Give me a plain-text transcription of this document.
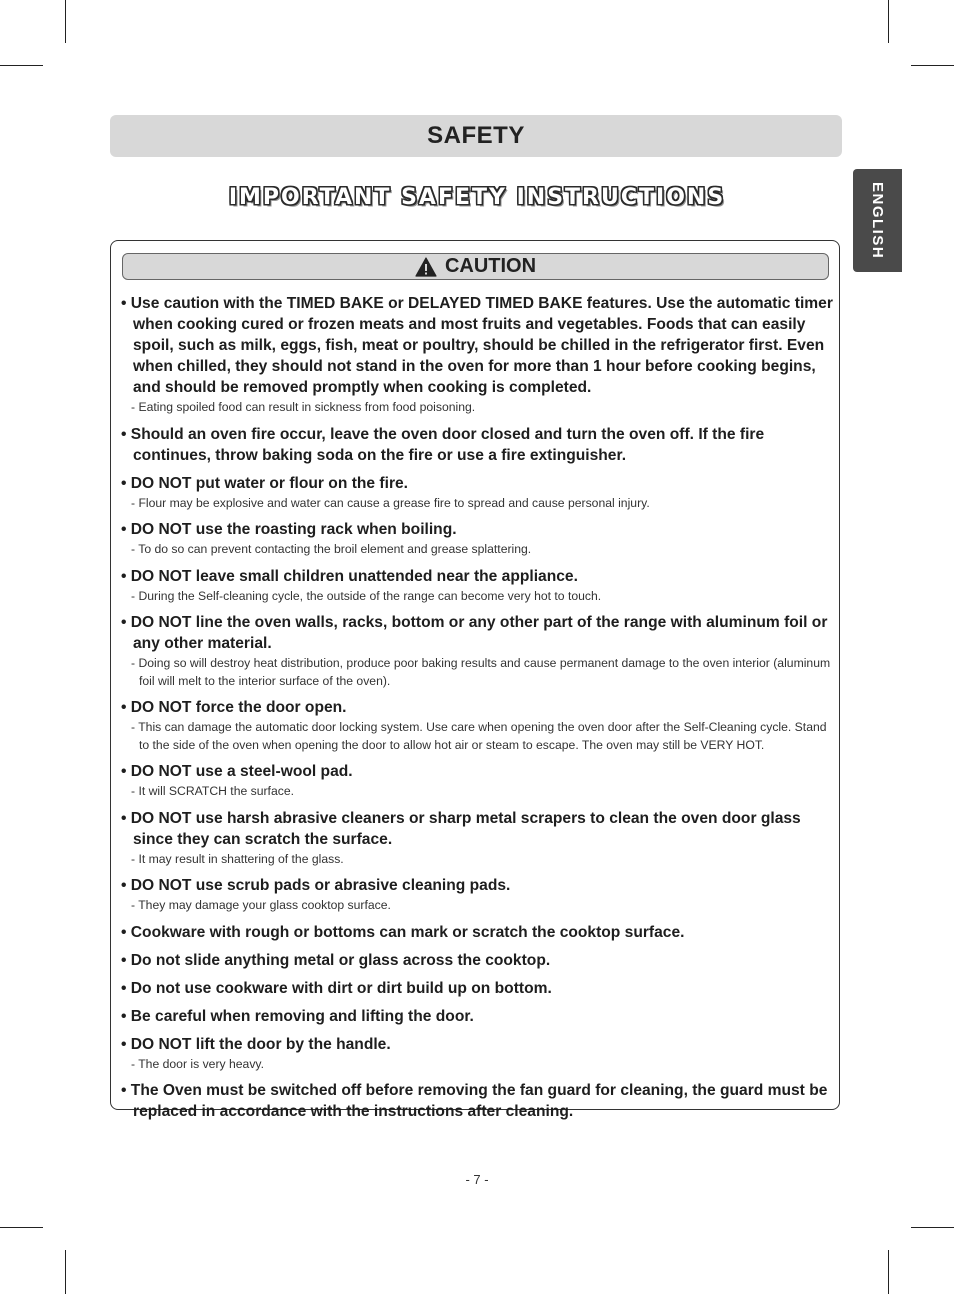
SAFETY
ENGLISH
IMPORTANT SAFETY INSTRUCTIONS
CAUTION
• Use caution with the TIMED BAKE or DELAYED TIMED BAKE features. Use the automatic timer when cooking cured or frozen meats and most fruits and vegetables. Foods that can easily spoil, such as milk, eggs, fish, meat or poultry, should be chilled in the refrigerator first. Even when chilled, they should not stand in the oven for more than 1 hour before cooking begins, and should be removed promptly when cooking is completed.
- Eating spoiled food can result in sickness from food poisoning.
• Should an oven fire occur, leave the oven door closed and turn the oven off. If the fire continues, throw baking soda on the fire or use a fire extinguisher.
• DO NOT put water or flour on the fire.
- Flour may be explosive and water can cause a grease fire to spread and cause personal injury.
• DO NOT use the roasting rack when boiling.
- To do so can prevent contacting the broil element and grease splattering.
• DO NOT leave small children unattended near the appliance.
- During the Self-cleaning cycle, the outside of the range can become very hot to touch.
• DO NOT line the oven walls, racks, bottom or any other part of the range with aluminum foil or any other material.
- Doing so will destroy heat distribution, produce poor baking results and cause permanent damage to the oven interior (aluminum foil will melt to the interior surface of the oven).
• DO NOT force the door open.
- This can damage the automatic door locking system. Use care when opening the oven door after the Self-Cleaning cycle. Stand to the side of the oven when opening the door to allow hot air or steam to escape. The oven may still be VERY HOT.
• DO NOT use a steel-wool pad.
- It will SCRATCH the surface.
• DO NOT use harsh abrasive cleaners or sharp metal scrapers to clean the oven door glass since they can scratch the surface.
- It may result in shattering of the glass.
• DO NOT use scrub pads or abrasive cleaning pads.
- They may damage your glass cooktop surface.
• Cookware with rough or bottoms can mark or scratch the cooktop surface.
• Do not slide anything metal or glass across the cooktop.
• Do not use cookware with dirt or dirt build up on bottom.
• Be careful when removing and lifting the door.
• DO NOT lift the door by the handle.
- The door is very heavy.
• The Oven must be switched off before removing the fan guard for cleaning, the guard must be replaced in accordance with the instructions after cleaning.
- 7 -
